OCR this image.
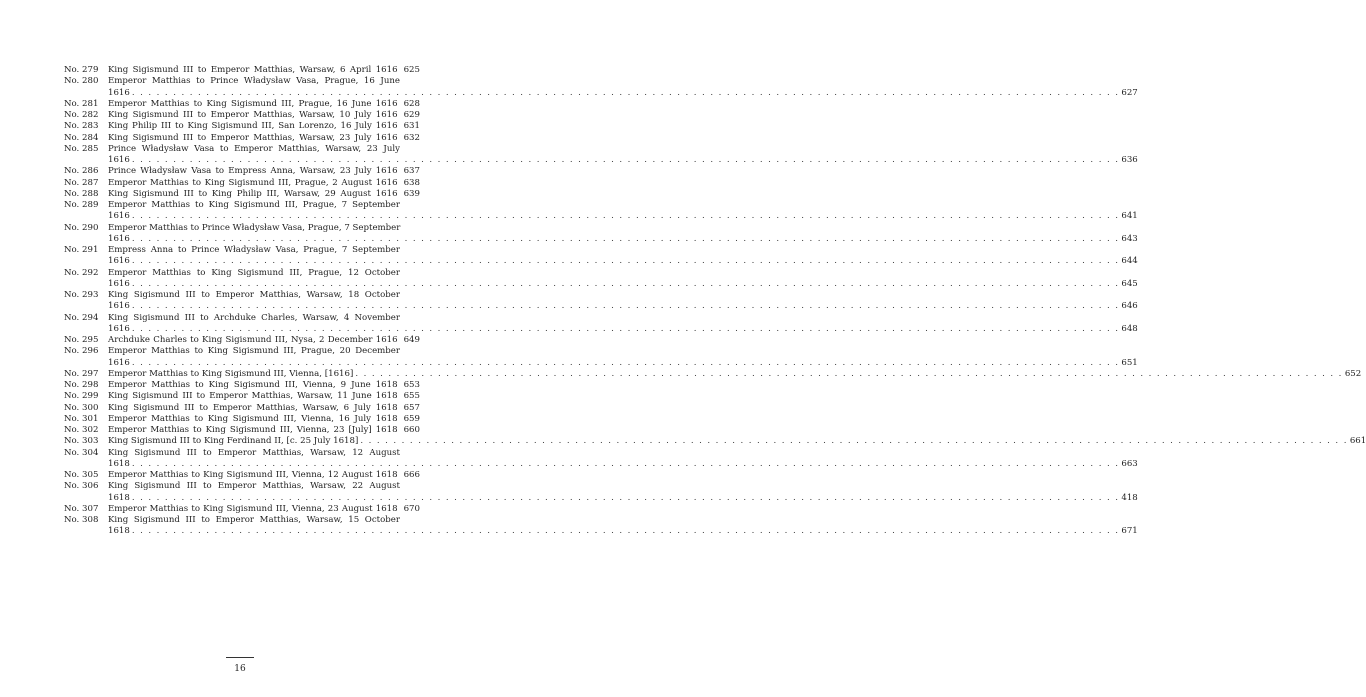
No. 279	King Sigismund III to Emperor Matthias, Warsaw, 6 April 1616 625
No. 280	Emperor Matthias to Prince Władysław Vasa, Prague, 16 June
1616 . . . . . . . . . . . . . . . . . . . . . . . . . . . . . . . . . . . . . . . . . . . . . . . . . . . . . . . . . . . . . . . . . . . . . . . . . . . . . . . . . . . . . . . . . . . . . . . . . . . . . . . . . . . . . . . . . . . . . . . . 627
No. 281	Emperor Matthias to King Sigismund III, Prague, 16 June 1616 628
No. 282	King Sigismund III to Emperor Matthias, Warsaw, 10 July 1616 629
No. 283	King Philip III to King Sigismund III, San Lorenzo, 16 July 1616 631
No. 284	King Sigismund III to Emperor Matthias, Warsaw, 23 July 1616 632
No. 285	Prince Władysław Vasa to Emperor Matthias, Warsaw, 23 July
1616 . . . . . . . . . . . . . . . . . . . . . . . . . . . . . . . . . . . . . . . . . . . . . . . . . . . . . . . . . . . . . . . . . . . . . . . . . . . . . . . . . . . . . . . . . . . . . . . . . . . . . . . . . . . . . . . . . . . . . . . . 636
No. 286	Prince Władysław Vasa to Empress Anna, Warsaw, 23 July 1616 637
No. 287	Emperor Matthias to King Sigismund III, Prague, 2 August 1616 638
No. 288	King Sigismund III to King Philip III, Warsaw, 29 August 1616 639
No. 289	Emperor Matthias to King Sigismund III, Prague, 7 September
1616 . . . . . . . . . . . . . . . . . . . . . . . . . . . . . . . . . . . . . . . . . . . . . . . . . . . . . . . . . . . . . . . . . . . . . . . . . . . . . . . . . . . . . . . . . . . . . . . . . . . . . . . . . . . . . . . . . . . . . . . . 641
No. 290	Emperor Matthias to Prince Władysław Vasa, Prague, 7 September
1616 . . . . . . . . . . . . . . . . . . . . . . . . . . . . . . . . . . . . . . . . . . . . . . . . . . . . . . . . . . . . . . . . . . . . . . . . . . . . . . . . . . . . . . . . . . . . . . . . . . . . . . . . . . . . . . . . . . . . . . . . 643
No. 291	Empress Anna to Prince Władysław Vasa, Prague, 7 September
1616 . . . . . . . . . . . . . . . . . . . . . . . . . . . . . . . . . . . . . . . . . . . . . . . . . . . . . . . . . . . . . . . . . . . . . . . . . . . . . . . . . . . . . . . . . . . . . . . . . . . . . . . . . . . . . . . . . . . . . . . . 644
No. 292	Emperor Matthias to King Sigismund III, Prague, 12 October
1616 . . . . . . . . . . . . . . . . . . . . . . . . . . . . . . . . . . . . . . . . . . . . . . . . . . . . . . . . . . . . . . . . . . . . . . . . . . . . . . . . . . . . . . . . . . . . . . . . . . . . . . . . . . . . . . . . . . . . . . . . 645
No. 293	King Sigismund III to Emperor Matthias, Warsaw, 18 October
1616 . . . . . . . . . . . . . . . . . . . . . . . . . . . . . . . . . . . . . . . . . . . . . . . . . . . . . . . . . . . . . . . . . . . . . . . . . . . . . . . . . . . . . . . . . . . . . . . . . . . . . . . . . . . . . . . . . . . . . . . . 646
No. 294	King Sigismund III to Archduke Charles, Warsaw, 4 November
1616 . . . . . . . . . . . . . . . . . . . . . . . . . . . . . . . . . . . . . . . . . . . . . . . . . . . . . . . . . . . . . . . . . . . . . . . . . . . . . . . . . . . . . . . . . . . . . . . . . . . . . . . . . . . . . . . . . . . . . . . . 648
No. 295	Archduke Charles to King Sigismund III, Nysa, 2 December 1616 649
No. 296	Emperor Matthias to King Sigismund III, Prague, 20 December
1616 . . . . . . . . . . . . . . . . . . . . . . . . . . . . . . . . . . . . . . . . . . . . . . . . . . . . . . . . . . . . . . . . . . . . . . . . . . . . . . . . . . . . . . . . . . . . . . . . . . . . . . . . . . . . . . . . . . . . . . . . 651
No. 297	Emperor Matthias to King Sigismund III, Vienna, [1616] . . . . . . . . . . . . . . . . . . . . . . . . . . . . . . . . . . . . . . . . . . . . . . . . . . . . . . . . . . . . . . . . . . . . . . . . . . . . . . . . . . . . . . . . . . . . . . . . . . . . . . . . . . . . . . . . . . . . . . . . 652
No. 298	Emperor Matthias to King Sigismund III, Vienna, 9 June 1618 653
No. 299	King Sigismund III to Emperor Matthias, Warsaw, 11 June 1618 655
No. 300	King Sigismund III to Emperor Matthias, Warsaw, 6 July 1618 657
No. 301	Emperor Matthias to King Sigismund III, Vienna, 16 July 1618 659
No. 302	Emperor Matthias to King Sigismund III, Vienna, 23 [July] 1618 660
No. 303	King Sigismund III to King Ferdinand II, [c. 25 July 1618] . . . . . . . . . . . . . . . . . . . . . . . . . . . . . . . . . . . . . . . . . . . . . . . . . . . . . . . . . . . . . . . . . . . . . . . . . . . . . . . . . . . . . . . . . . . . . . . . . . . . . . . . . . . . . . . . . . . . . . . . 661
No. 304	King Sigismund III to Emperor Matthias, Warsaw, 12 August
1618 . . . . . . . . . . . . . . . . . . . . . . . . . . . . . . . . . . . . . . . . . . . . . . . . . . . . . . . . . . . . . . . . . . . . . . . . . . . . . . . . . . . . . . . . . . . . . . . . . . . . . . . . . . . . . . . . . . . . . . . . 663
No. 305	Emperor Matthias to King Sigismund III, Vienna, 12 August 1618 666
No. 306	King Sigismund III to Emperor Matthias, Warsaw, 22 August
1618 . . . . . . . . . . . . . . . . . . . . . . . . . . . . . . . . . . . . . . . . . . . . . . . . . . . . . . . . . . . . . . . . . . . . . . . . . . . . . . . . . . . . . . . . . . . . . . . . . . . . . . . . . . . . . . . . . . . . . . . . 418
No. 307	Emperor Matthias to King Sigismund III, Vienna, 23 August 1618 670
No. 308	King Sigismund III to Emperor Matthias, Warsaw, 15 October
1618 . . . . . . . . . . . . . . . . . . . . . . . . . . . . . . . . . . . . . . . . . . . . . . . . . . . . . . . . . . . . . . . . . . . . . . . . . . . . . . . . . . . . . . . . . . . . . . . . . . . . . . . . . . . . . . . . . . . . . . . . 671
16
